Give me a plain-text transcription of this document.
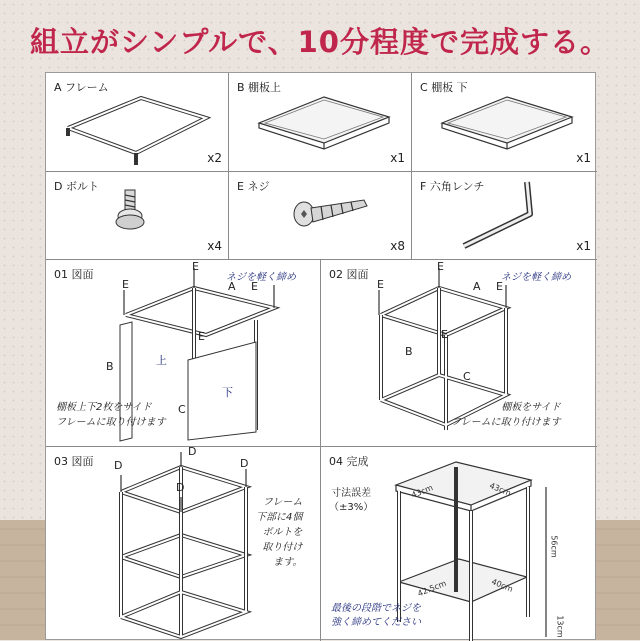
組立がシンプルで、10分程度で完成する。
A フレーム
x2
B 棚板上
x1
C 棚板 下
x1
D ボルト
x4
E ネジ
x8
F 六角レンチ
x1
01 図面	ネジを軽く締め
E
E	A E
E
B	上
下
C
棚板上下2枚をサイド
フレームに取り付けます
02 図面	ネジを軽く締め
E
E	A E
E
B
C
棚板をサイド
フレームに取り付けます
03 図面
D
D	D
D
フレーム
下部に4個
ボルトを
取り付け
ます。
04 完成
寸法誤差
（±3%）
43cm	43cm
42.5cm	40cm
56cm
13cm
最後の段階でネジを
強く締めてください
